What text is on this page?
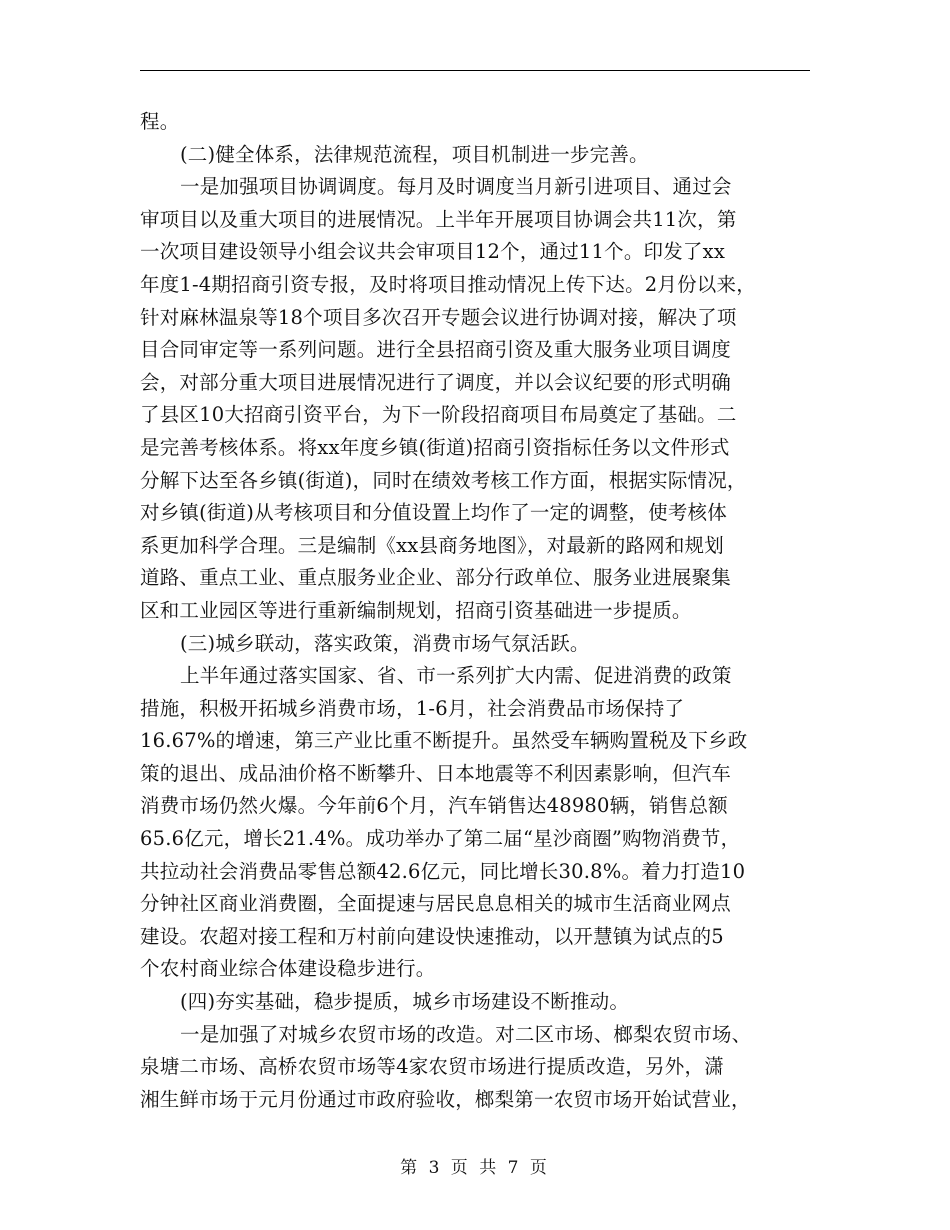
程。
(二)健全体系，法律规范流程，项目机制进一步完善。
一是加强项目协调调度。每月及时调度当月新引进项目、通过会
审项目以及重大项目的进展情况。上半年开展项目协调会共11次，第
一次项目建设领导小组会议共会审项目12个，通过11个。印发了xx
年度1-4期招商引资专报，及时将项目推动情况上传下达。2月份以来，
针对麻林温泉等18个项目多次召开专题会议进行协调对接，解决了项
目合同审定等一系列问题。进行全县招商引资及重大服务业项目调度
会，对部分重大项目进展情况进行了调度，并以会议纪要的形式明确
了县区10大招商引资平台，为下一阶段招商项目布局奠定了基础。二
是完善考核体系。将xx年度乡镇(街道)招商引资指标任务以文件形式
分解下达至各乡镇(街道)，同时在绩效考核工作方面，根据实际情况，
对乡镇(街道)从考核项目和分值设置上均作了一定的调整，使考核体
系更加科学合理。三是编制《xx县商务地图》，对最新的路网和规划
道路、重点工业、重点服务业企业、部分行政单位、服务业进展聚集
区和工业园区等进行重新编制规划，招商引资基础进一步提质。
(三)城乡联动，落实政策，消费市场气氛活跃。
上半年通过落实国家、省、市一系列扩大内需、促进消费的政策
措施，积极开拓城乡消费市场，1-6月，社会消费品市场保持了
16.67%的增速，第三产业比重不断提升。虽然受车辆购置税及下乡政
策的退出、成品油价格不断攀升、日本地震等不利因素影响，但汽车
消费市场仍然火爆。今年前6个月，汽车销售达48980辆，销售总额
65.6亿元，增长21.4%。成功举办了第二届“星沙商圈”购物消费节，
共拉动社会消费品零售总额42.6亿元，同比增长30.8%。着力打造10
分钟社区商业消费圈，全面提速与居民息息相关的城市生活商业网点
建设。农超对接工程和万村前向建设快速推动，以开慧镇为试点的5
个农村商业综合体建设稳步进行。
(四)夯实基础，稳步提质，城乡市场建设不断推动。
一是加强了对城乡农贸市场的改造。对二区市场、榔梨农贸市场、
泉塘二市场、高桥农贸市场等4家农贸市场进行提质改造，另外，潇
湘生鲜市场于元月份通过市政府验收，榔梨第一农贸市场开始试营业，
第 3 页 共 7 页
